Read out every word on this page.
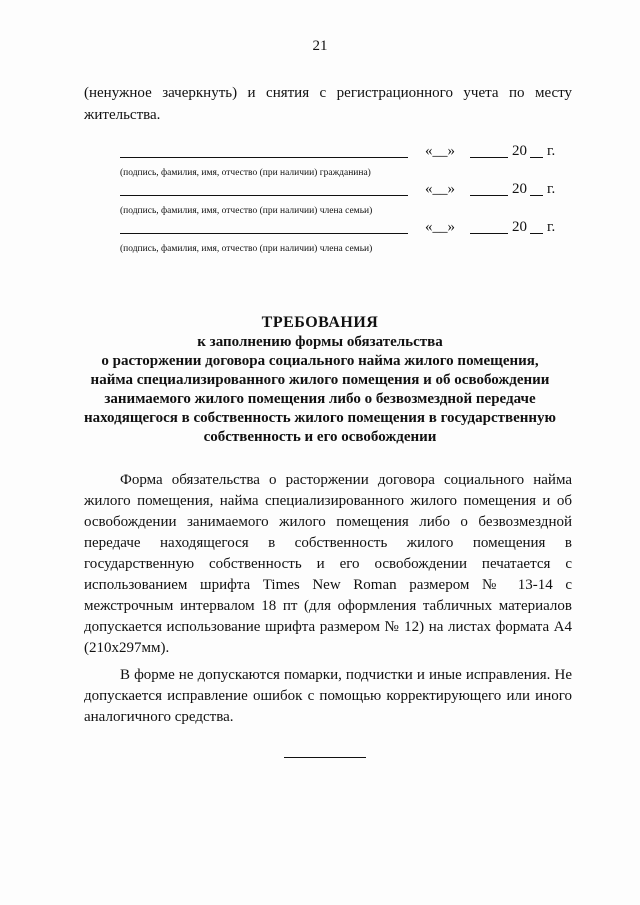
21
(ненужное зачеркнуть) и снятия с регистрационного учета по месту жительства.
«__»	20 г.
(подпись, фамилия, имя, отчество (при наличии) гражданина)
«__»	20 г.
(подпись, фамилия, имя, отчество (при наличии) члена семьи)
«__»	20 г.
(подпись, фамилия, имя, отчество (при наличии) члена семьи)
ТРЕБОВАНИЯ
к заполнению формы обязательства
о расторжении договора социального найма жилого помещения,
найма специализированного жилого помещения и об освобождении
занимаемого жилого помещения либо о безвозмездной передаче
находящегося в собственность жилого помещения в государственную
собственность и его освобождении

Форма обязательства о расторжении договора социального найма жилого помещения, найма специализированного жилого помещения и об освобождении занимаемого жилого помещения либо о безвозмездной передаче находящегося в собственность жилого помещения в государственную собственность и его освобождении печатается с использованием шрифта Times New Roman размером № 13-14 с межстрочным интервалом 18 пт (для оформления табличных материалов допускается использование шрифта размером № 12) на листах формата А4 (210x297мм).

В форме не допускаются помарки, подчистки и иные исправления. Не допускается исправление ошибок с помощью корректирующего или иного аналогичного средства.
